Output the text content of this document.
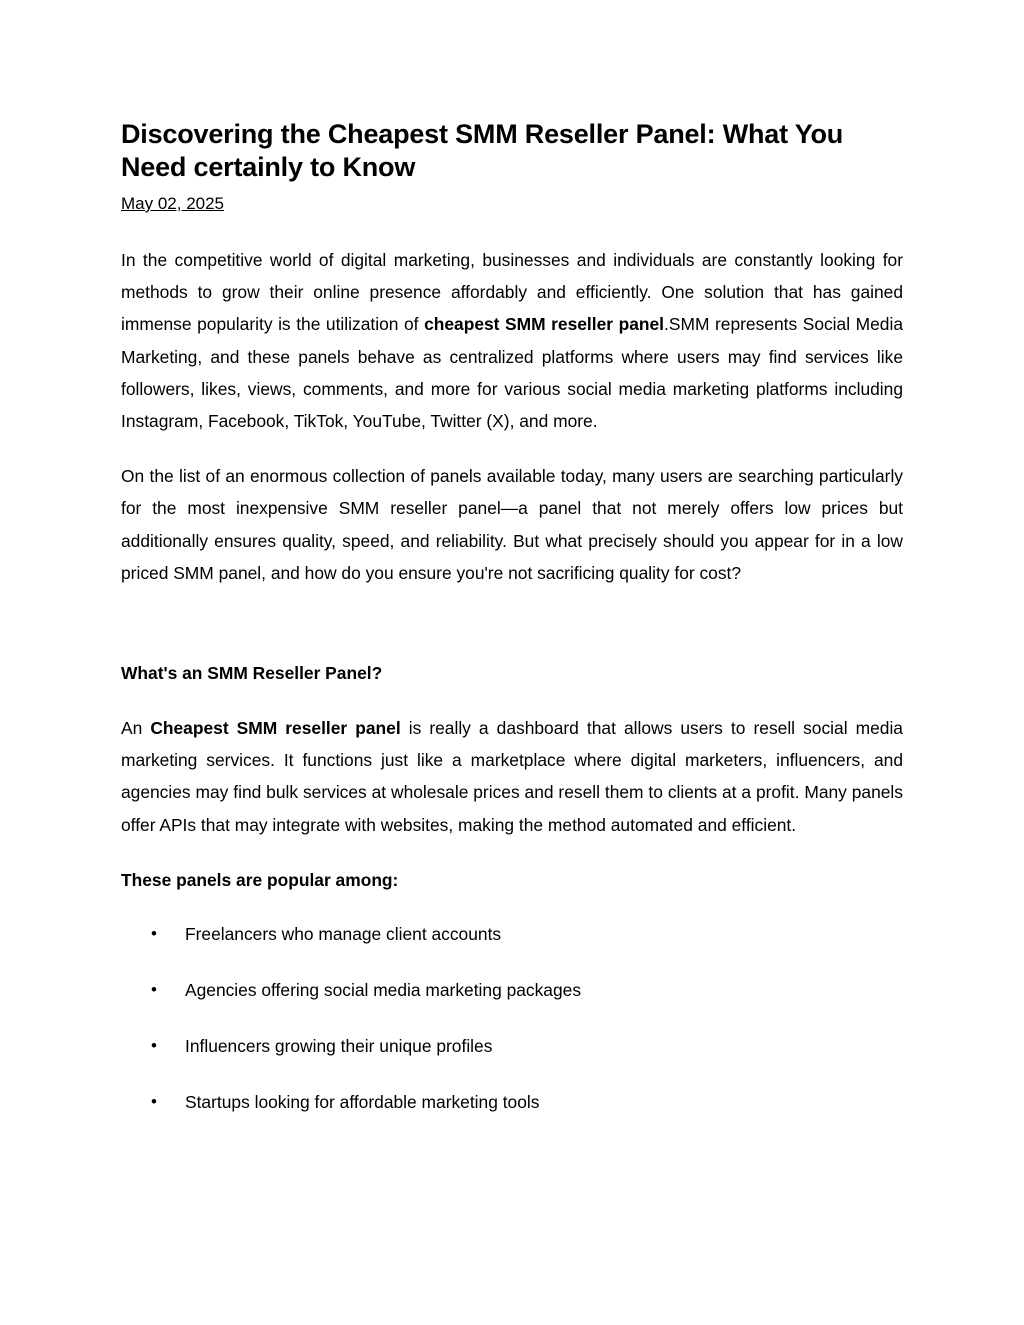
Discovering the Cheapest SMM Reseller Panel: What You Need certainly to Know
May 02, 2025

In the competitive world of digital marketing, businesses and individuals are constantly looking for methods to grow their online presence affordably and efficiently. One solution that has gained immense popularity is the utilization of cheapest SMM reseller panel.SMM represents Social Media Marketing, and these panels behave as centralized platforms where users may find services like followers, likes, views, comments, and more for various social media marketing platforms including Instagram, Facebook, TikTok, YouTube, Twitter (X), and more.

On the list of an enormous collection of panels available today, many users are searching particularly for the most inexpensive SMM reseller panel—a panel that not merely offers low prices but additionally ensures quality, speed, and reliability. But what precisely should you appear for in a low priced SMM panel, and how do you ensure you're not sacrificing quality for cost?

What's an SMM Reseller Panel?

An Cheapest SMM reseller panel is really a dashboard that allows users to resell social media marketing services. It functions just like a marketplace where digital marketers, influencers, and agencies may find bulk services at wholesale prices and resell them to clients at a profit. Many panels offer APIs that may integrate with websites, making the method automated and efficient.

These panels are popular among:
• Freelancers who manage client accounts
• Agencies offering social media marketing packages
• Influencers growing their unique profiles
• Startups looking for affordable marketing tools
